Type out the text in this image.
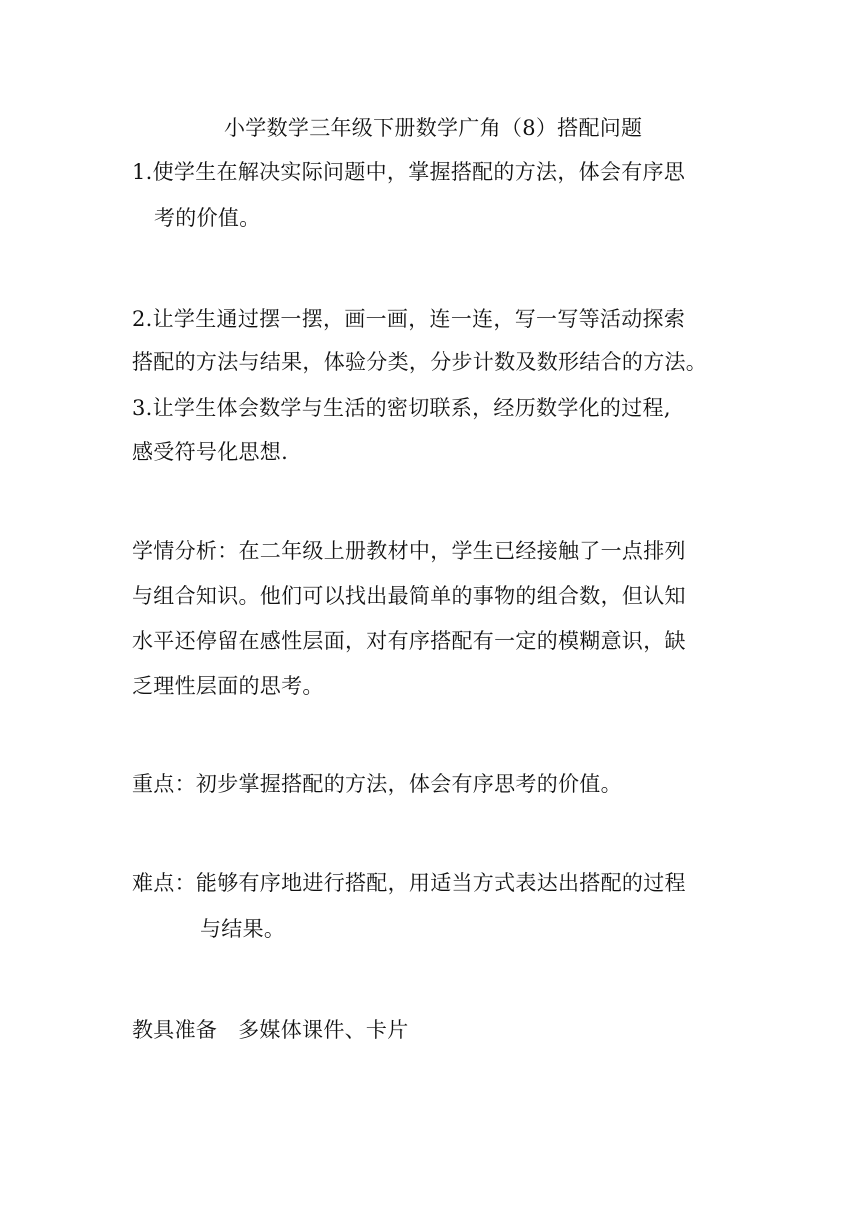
小学数学三年级下册数学广角（8）搭配问题
1.使学生在解决实际问题中，掌握搭配的方法，体会有序思
考的价值。
2.让学生通过摆一摆，画一画，连一连，写一写等活动探索
搭配的方法与结果，体验分类，分步计数及数形结合的方法。
3.让学生体会数学与生活的密切联系，经历数学化的过程,
感受符号化思想.
学情分析：在二年级上册教材中，学生已经接触了一点排列
与组合知识。他们可以找出最简单的事物的组合数，但认知
水平还停留在感性层面，对有序搭配有一定的模糊意识，缺
乏理性层面的思考。
重点：初步掌握搭配的方法，体会有序思考的价值。
难点：能够有序地进行搭配，用适当方式表达出搭配的过程
与结果。
教具准备   多媒体课件、卡片
